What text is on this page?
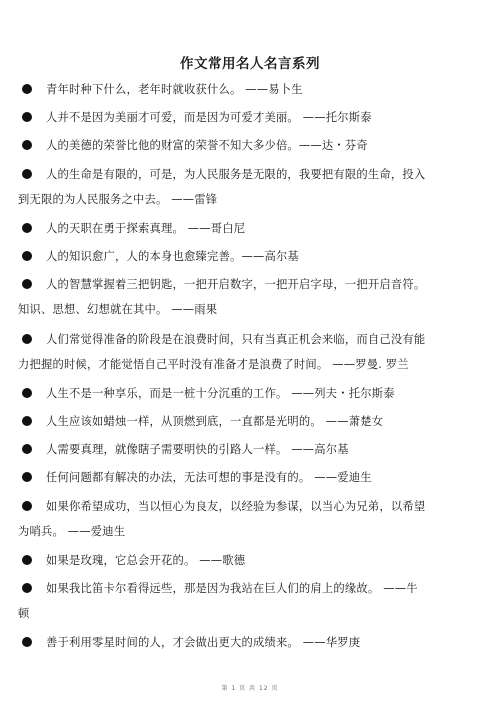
作文常用名人名言系列
青年时种下什么，老年时就收获什么。 ——易卜生
人并不是因为美丽才可爱，而是因为可爱才美丽。 ——托尔斯泰
人的美德的荣誉比他的财富的荣誉不知大多少倍。——达・芬奇
人的生命是有限的，可是，为人民服务是无限的，我要把有限的生命，投入
到无限的为人民服务之中去。 ——雷锋
人的天职在勇于探索真理。 ——哥白尼
人的知识愈广，人的本身也愈臻完善。——高尔基
人的智慧掌握着三把钥匙，一把开启数字，一把开启字母，一把开启音符。
知识、思想、幻想就在其中。 ——雨果
人们常觉得准备的阶段是在浪费时间，只有当真正机会来临，而自己没有能
力把握的时候，才能觉悟自己平时没有准备才是浪费了时间。 ——罗曼. 罗兰
人生不是一种享乐，而是一桩十分沉重的工作。 ——列夫・托尔斯泰
人生应该如蜡烛一样，从顶燃到底，一直都是光明的。 ——萧楚女
人需要真理，就像瞎子需要明快的引路人一样。 ——高尔基
任何问题都有解决的办法，无法可想的事是没有的。 ——爱迪生
如果你希望成功，当以恒心为良友，以经验为参谋，以当心为兄弟，以希望
为哨兵。 ——爱迪生
如果是玫瑰，它总会开花的。 ——歌德
如果我比笛卡尔看得远些，那是因为我站在巨人们的肩上的缘故。 ——牛
顿
善于利用零星时间的人，才会做出更大的成绩来。 ——华罗庚
第 1 页 共 12 页
